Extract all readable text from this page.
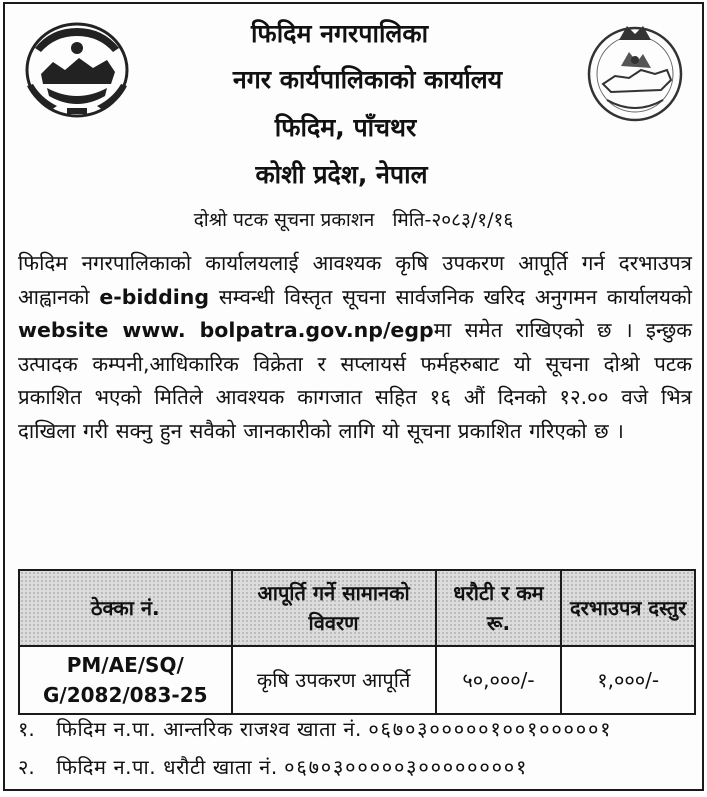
फिदिम नगरपालिका
नगर कार्यपालिकाको कार्यालय
फिदिम, पाँचथर
कोशी प्रदेश, नेपाल
दोश्रो पटक सूचना प्रकाशन मिति-२०८३/१/१६
फिदिम नगरपालिकाको कार्यालयलाई आवश्यक कृषि उपकरण आपूर्ति गर्न दरभाउपत्र आह्वानको e-bidding सम्वन्धी विस्तृत सूचना सार्वजनिक खरिद अनुगमन कार्यालयको website www. bolpatra.gov.np/egpमा समेत राखिएको छ । इन्छुक उत्पादक कम्पनी,आधिकारिक विक्रेता र सप्लायर्स फर्महरुबाट यो सूचना दोश्रो पटक प्रकाशित भएको मितिले आवश्यक कागजात सहित १६ औं दिनको १२.०० वजे भित्र दाखिला गरी सक्नु हुन सवैको जानकारीको लागि यो सूचना प्रकाशित गरिएको छ ।
ठेक्का नं.	आपूर्ति गर्ने सामानको विवरण	धरौटी र कम रू.	दरभाउपत्र दस्तुर
PM/AE/SQ/ G/2082/083-25	कृषि उपकरण आपूर्ति	५०,०००/-	१,०००/-
१. फिदिम न.पा. आन्तरिक राजश्व खाता नं. ०६७०३०००००१००१०००००१
२. फिदिम न.पा. धरौटी खाता नं. ०६७०३०००००३००००००००१
